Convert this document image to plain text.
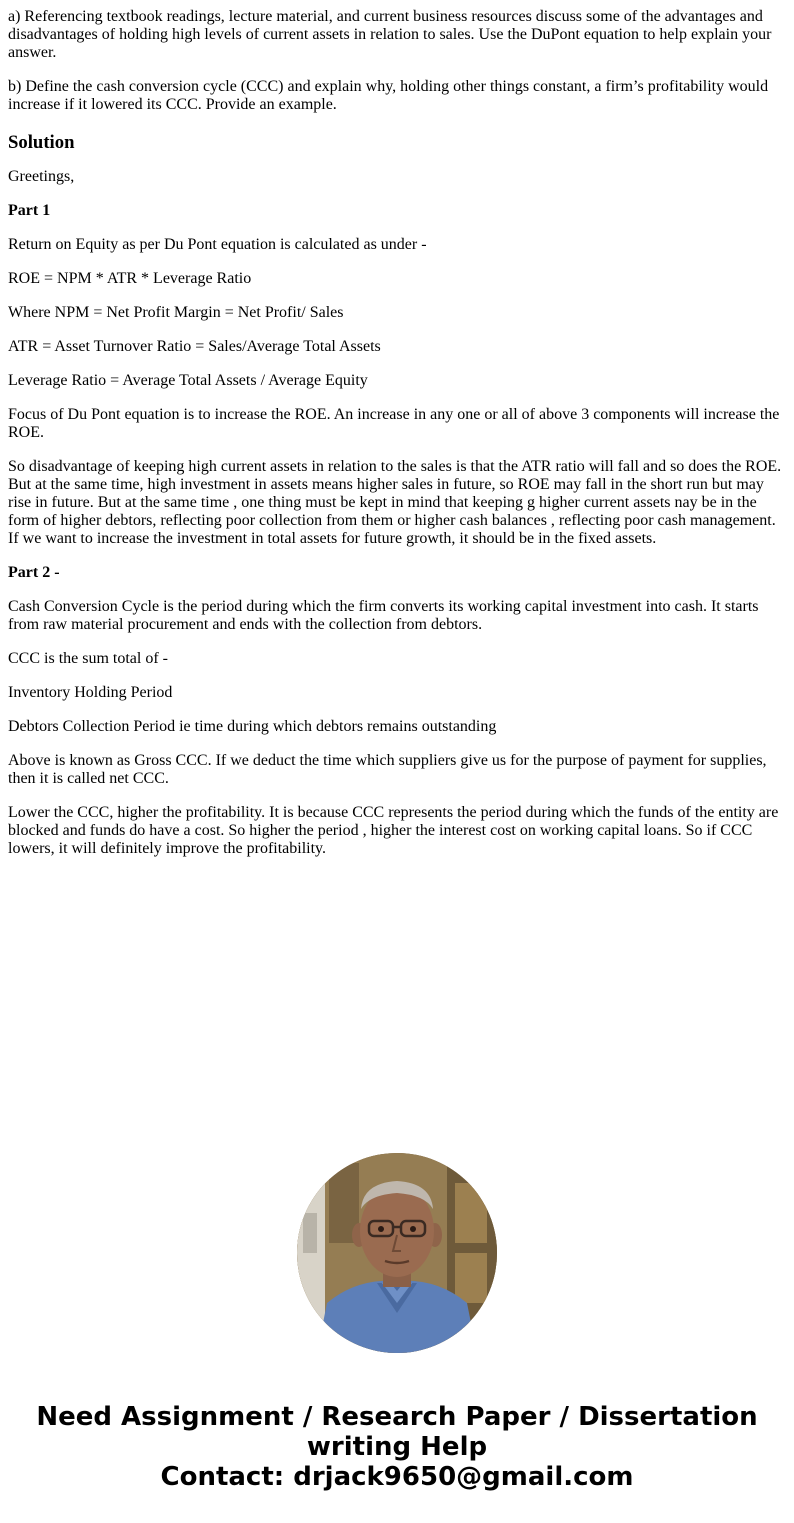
a) Referencing textbook readings, lecture material, and current business resources discuss some of the advantages and disadvantages of holding high levels of current assets in relation to sales. Use the DuPont equation to help explain your answer.

b) Define the cash conversion cycle (CCC) and explain why, holding other things constant, a firm’s profitability would increase if it lowered its CCC. Provide an example.

Solution

Greetings,

Part 1

Return on Equity as per Du Pont equation is calculated as under -

ROE = NPM * ATR * Leverage Ratio

Where NPM = Net Profit Margin = Net Profit/ Sales

ATR = Asset Turnover Ratio = Sales/Average Total Assets

Leverage Ratio = Average Total Assets / Average Equity

Focus of Du Pont equation is to increase the ROE. An increase in any one or all of above 3 components will increase the ROE.

So disadvantage of keeping high current assets in relation to the sales is that the ATR ratio will fall and so does the ROE. But at the same time, high investment in assets means higher sales in future, so ROE may fall in the short run but may rise in future. But at the same time , one thing must be kept in mind that keeping g higher current assets nay be in the form of higher debtors, reflecting poor collection from them or higher cash balances , reflecting poor cash management. If we want to increase the investment in total assets for future growth, it should be in the fixed assets.

Part 2 -

Cash Conversion Cycle is the period during which the firm converts its working capital investment into cash. It starts from raw material procurement and ends with the collection from debtors.

CCC is the sum total of -

Inventory Holding Period

Debtors Collection Period ie time during which debtors remains outstanding

Above is known as Gross CCC. If we deduct the time which suppliers give us for the purpose of payment for supplies, then it is called net CCC.

Lower the CCC, higher the profitability. It is because CCC represents the period during which the funds of the entity are blocked and funds do have a cost. So higher the period , higher the interest cost on working capital loans. So if CCC lowers, it will definitely improve the profitability.

Need Assignment / Research Paper / Dissertation
writing Help
Contact: drjack9650@gmail.com
